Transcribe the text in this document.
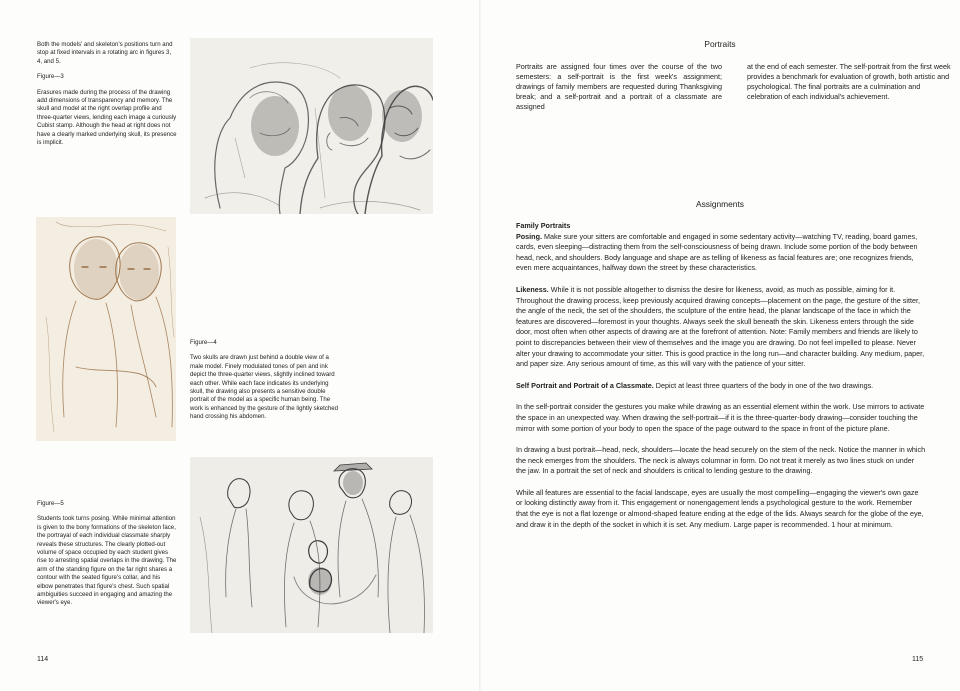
Both the models' and skeleton's positions turn and stop at fixed intervals in a rotating arc in figures 3, 4, and 5.

Figure—3

Erasures made during the process of the drawing add dimensions of transparency and memory. The skull and model at the right overlap profile and three-quarter views, lending each image a curiously Cubist stamp. Although the head at right does not have a clearly marked underlying skull, its presence is implicit.

Figure—4

Two skulls are drawn just behind a double view of a male model. Finely modulated tones of pen and ink depict the three-quarter views, slightly inclined toward each other. While each face indicates its underlying skull, the drawing also presents a sensitive double portrait of the model as a specific human being. The work is enhanced by the gesture of the lightly sketched hand crossing his abdomen.

Figure—5

Students took turns posing. While minimal attention is given to the bony formations of the skeleton face, the portrayal of each individual classmate sharply reveals these structures. The clearly plotted-out volume of space occupied by each student gives rise to arresting spatial overlaps in the drawing. The arm of the standing figure on the far right shares a contour with the seated figure's collar, and his elbow penetrates that figure's chest. Such spatial ambiguities succeed in engaging and amazing the viewer's eye.

114
Portraits
Portraits are assigned four times over the course of the two semesters: a self-portrait is the first week's assignment; drawings of family members are requested during Thanksgiving break; and a self-portrait and a portrait of a classmate are assigned
at the end of each semester. The self-portrait from the first week provides a benchmark for evaluation of growth, both artistic and psychological. The final portraits are a culmination and celebration of each individual's achievement.
Assignments

Family Portraits

Posing. Make sure your sitters are comfortable and engaged in some sedentary activity—watching TV, reading, board games, cards, even sleeping—distracting them from the self-consciousness of being drawn. Include some portion of the body between head, neck, and shoulders. Body language and shape are as telling of likeness as facial features are; one recognizes friends, even mere acquaintances, halfway down the street by these characteristics.

Likeness. While it is not possible altogether to dismiss the desire for likeness, avoid, as much as possible, aiming for it. Throughout the drawing process, keep previously acquired drawing concepts—placement on the page, the gesture of the sitter, the angle of the neck, the set of the shoulders, the sculpture of the entire head, the planar landscape of the face in which the features are discovered—foremost in your thoughts. Always seek the skull beneath the skin. Likeness enters through the side door, most often when other aspects of drawing are at the forefront of attention. Note: Family members and friends are likely to point to discrepancies between their view of themselves and the image you are drawing. Do not feel impelled to please. Never alter your drawing to accommodate your sitter. This is good practice in the long run—and character building. Any medium, paper, and paper size. Any serious amount of time, as this will vary with the patience of your sitter.

Self Portrait and Portrait of a Classmate. Depict at least three quarters of the body in one of the two drawings.

In the self-portrait consider the gestures you make while drawing as an essential element within the work. Use mirrors to activate the space in an unexpected way. When drawing the self-portrait—if it is the three-quarter-body drawing—consider touching the mirror with some portion of your body to open the space of the page outward to the space in front of the picture plane.

In drawing a bust portrait—head, neck, shoulders—locate the head securely on the stem of the neck. Notice the manner in which the neck emerges from the shoulders. The neck is always columnar in form. Do not treat it merely as two lines stuck on under the jaw. In a portrait the set of neck and shoulders is critical to lending gesture to the drawing.

While all features are essential to the facial landscape, eyes are usually the most compelling—engaging the viewer's own gaze or looking distinctly away from it. This engagement or nonengagement lends a psychological gesture to the work. Remember that the eye is not a flat lozenge or almond-shaped feature ending at the edge of the lids. Always search for the globe of the eye, and draw it in the depth of the socket in which it is set. Any medium. Large paper is recommended. 1 hour at minimum.

115
